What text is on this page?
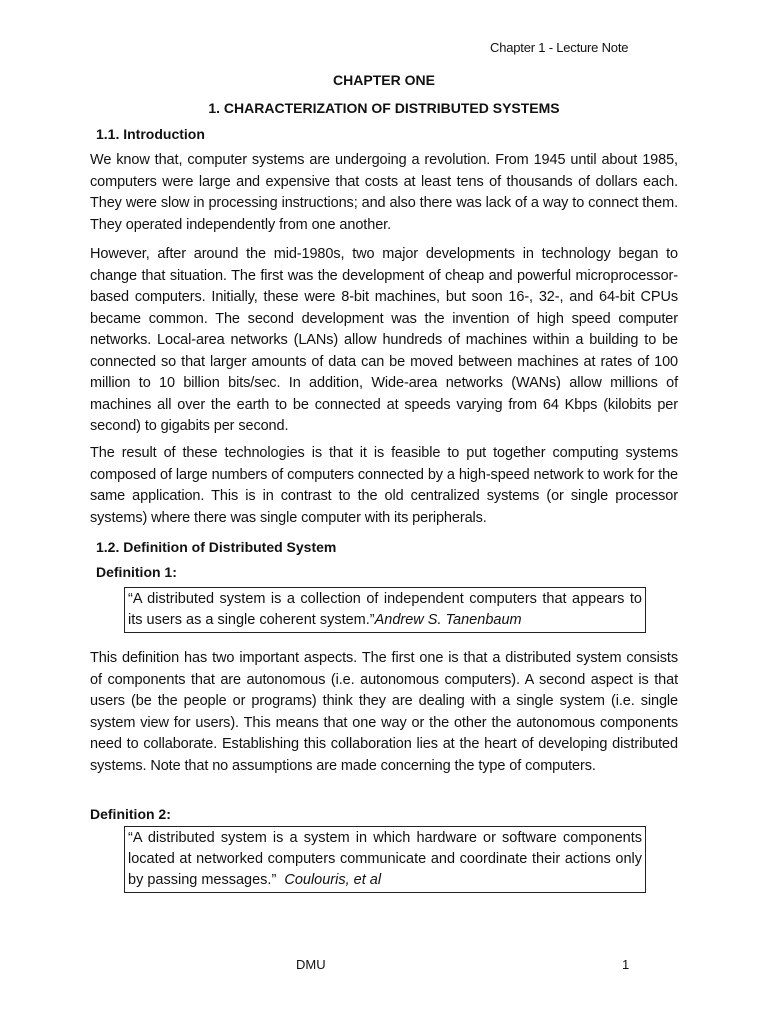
Chapter 1 - Lecture Note
CHAPTER ONE
1. CHARACTERIZATION OF DISTRIBUTED SYSTEMS
1.1. Introduction
We know that, computer systems are undergoing a revolution. From 1945 until about 1985, computers were large and expensive that costs at least tens of thousands of dollars each. They were slow in processing instructions; and also there was lack of a way to connect them. They operated independently from one another.
However, after around the mid-1980s, two major developments in technology began to change that situation. The first was the development of cheap and powerful microprocessor-based computers. Initially, these were 8-bit machines, but soon 16-, 32-, and 64-bit CPUs became common. The second development was the invention of high speed computer networks. Local-area networks (LANs) allow hundreds of machines within a building to be connected so that larger amounts of data can be moved between machines at rates of 100 million to 10 billion bits/sec. In addition, Wide-area networks (WANs) allow millions of machines all over the earth to be connected at speeds varying from 64 Kbps (kilobits per second) to gigabits per second.
The result of these technologies is that it is feasible to put together computing systems composed of large numbers of computers connected by a high-speed network to work for the same application. This is in contrast to the old centralized systems (or single processor systems) where there was single computer with its peripherals.
1.2. Definition of Distributed System
Definition 1:
“A distributed system is a collection of independent computers that appears to its users as a single coherent system.”Andrew S. Tanenbaum
This definition has two important aspects. The first one is that a distributed system consists of components that are autonomous (i.e. autonomous computers). A second aspect is that users (be the people or programs) think they are dealing with a single system (i.e. single system view for users). This means that one way or the other the autonomous components need to collaborate. Establishing this collaboration lies at the heart of developing distributed systems. Note that no assumptions are made concerning the type of computers.
Definition 2:
“A distributed system is a system in which hardware or software components located at networked computers communicate and coordinate their actions only by passing messages.” Coulouris, et al
DMU	1
